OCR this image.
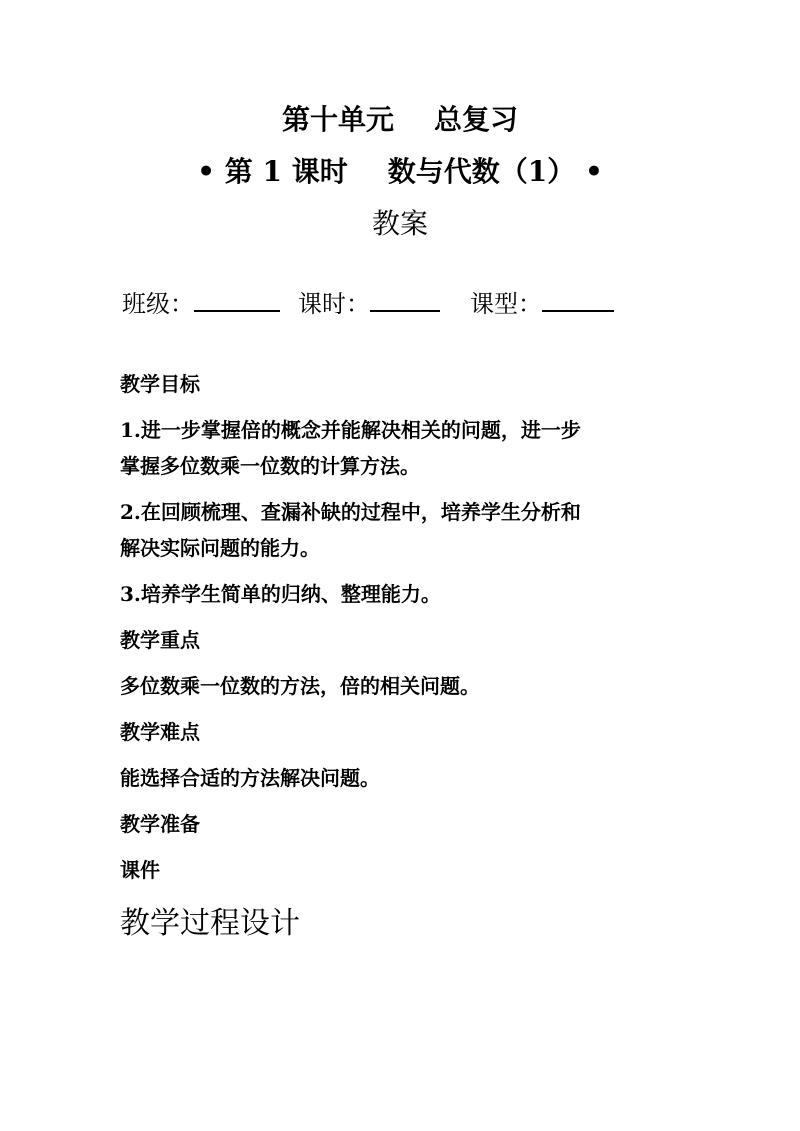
第十单元 总复习
• 第 1 课时 数与代数（1） •
教案
班级：	课时：	课型：
教学目标
1.进一步掌握倍的概念并能解决相关的问题，进一步
掌握多位数乘一位数的计算方法。
2.在回顾梳理、查漏补缺的过程中，培养学生分析和
解决实际问题的能力。
3.培养学生简单的归纳、整理能力。
教学重点
多位数乘一位数的方法，倍的相关问题。
教学难点
能选择合适的方法解决问题。
教学准备
课件
教学过程设计
